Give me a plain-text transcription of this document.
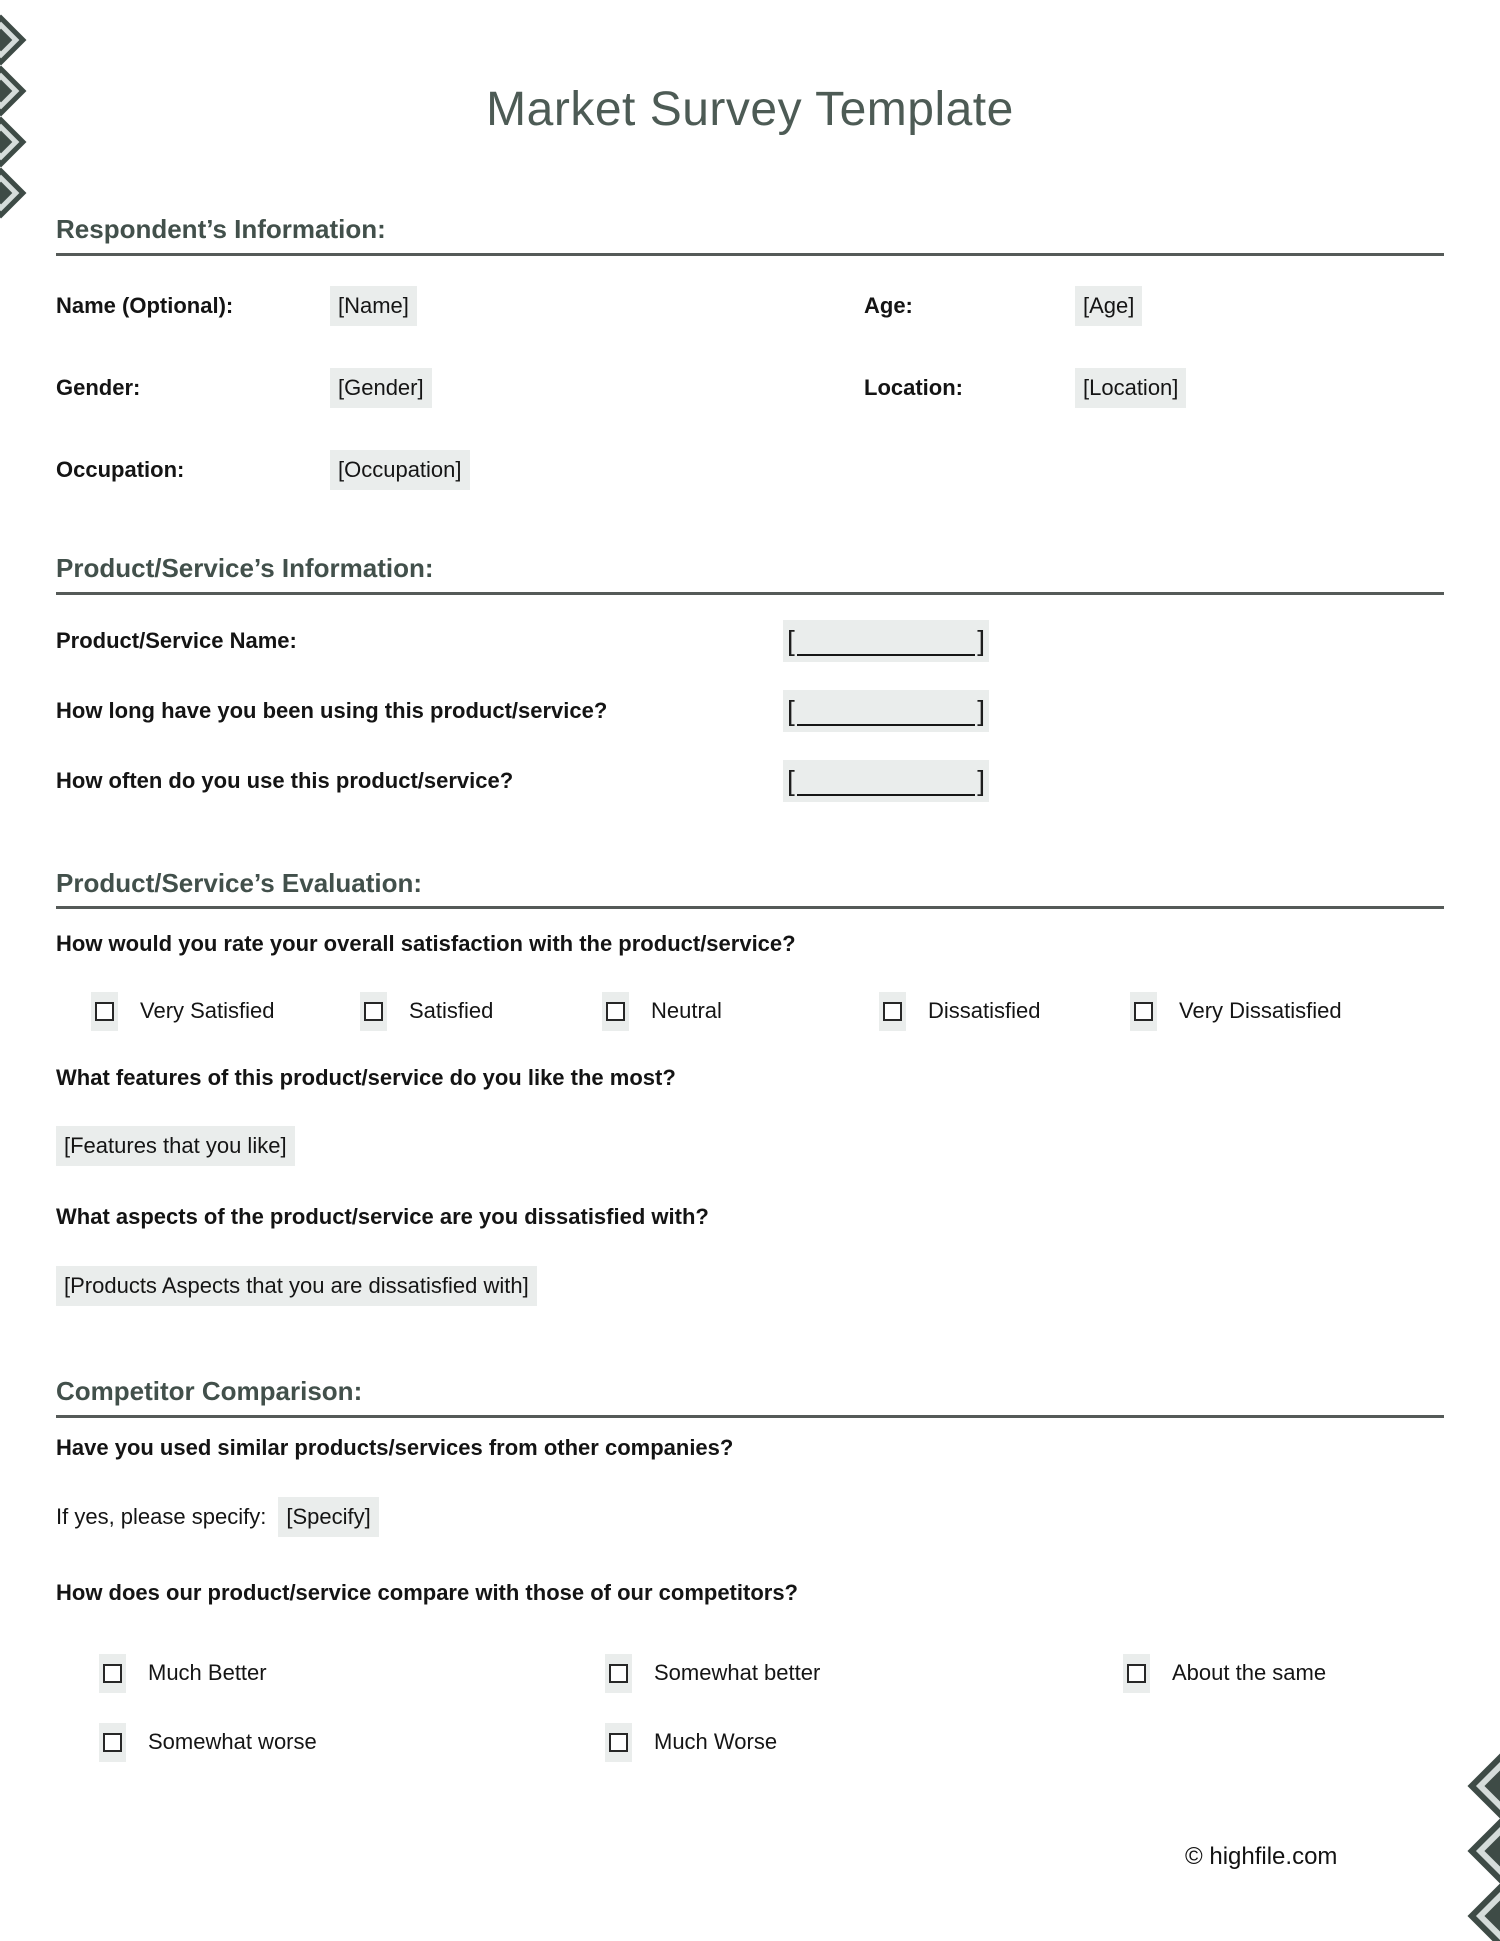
Market Survey Template
Respondent’s Information:
Name (Optional):	[Name]	Age:	[Age]
Gender:	[Gender]	Location:	[Location]
Occupation:	[Occupation]
Product/Service’s Information:
Product/Service Name:	[	]
How long have you been using this product/service?	[	]
How often do you use this product/service?	[	]
Product/Service’s Evaluation:
How would you rate your overall satisfaction with the product/service?
Very Satisfied	Satisfied	Neutral	Dissatisfied	Very Dissatisfied
What features of this product/service do you like the most?
[Features that you like]
What aspects of the product/service are you dissatisfied with?
[Products Aspects that you are dissatisfied with]
Competitor Comparison:
Have you used similar products/services from other companies?
If yes, please specify: [Specify]
How does our product/service compare with those of our competitors?
Much Better	Somewhat better	About the same
Somewhat worse	Much Worse
© highfile.com
